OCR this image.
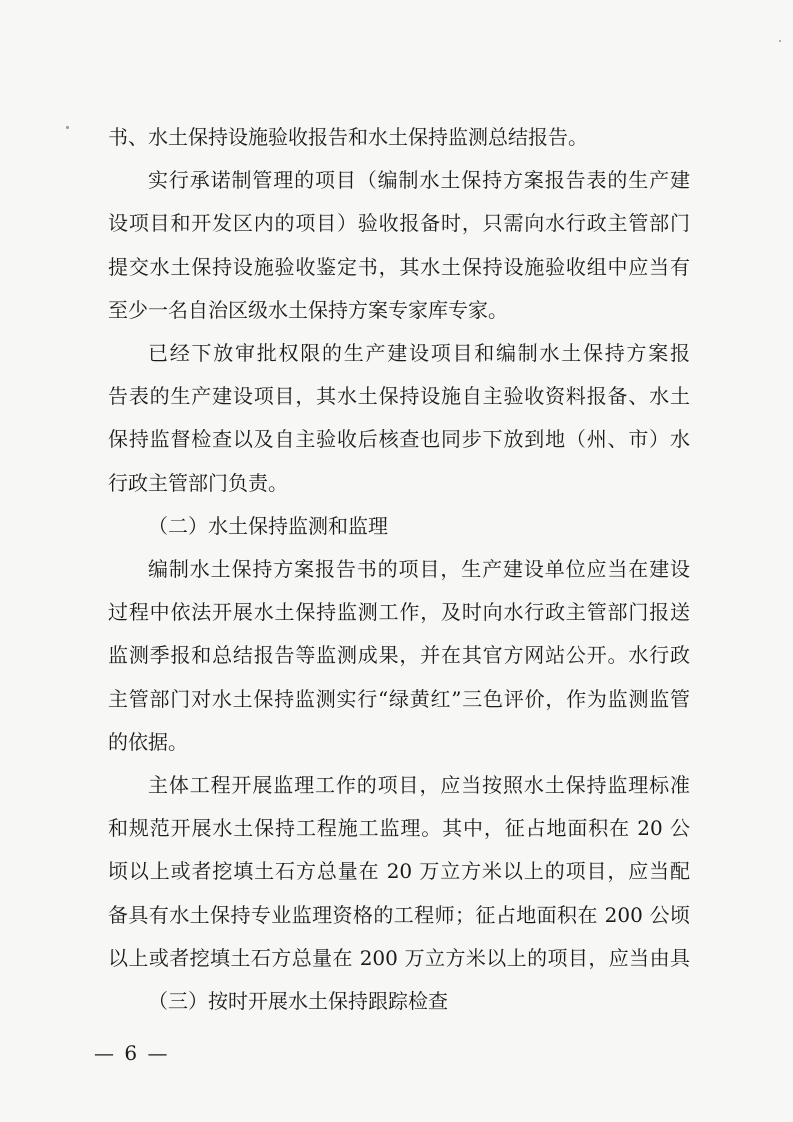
书、水土保持设施验收报告和水土保持监测总结报告。
实行承诺制管理的项目（编制水土保持方案报告表的生产建
设项目和开发区内的项目）验收报备时，只需向水行政主管部门
提交水土保持设施验收鉴定书，其水土保持设施验收组中应当有
至少一名自治区级水土保持方案专家库专家。
已经下放审批权限的生产建设项目和编制水土保持方案报
告表的生产建设项目，其水土保持设施自主验收资料报备、水土
保持监督检查以及自主验收后核查也同步下放到地（州、市）水
行政主管部门负责。
（二）水土保持监测和监理
编制水土保持方案报告书的项目，生产建设单位应当在建设
过程中依法开展水土保持监测工作，及时向水行政主管部门报送
监测季报和总结报告等监测成果，并在其官方网站公开。水行政
主管部门对水土保持监测实行“绿黄红”三色评价，作为监测监管
的依据。
主体工程开展监理工作的项目，应当按照水土保持监理标准
和规范开展水土保持工程施工监理。其中，征占地面积在 20 公
顷以上或者挖填土石方总量在 20 万立方米以上的项目，应当配
备具有水土保持专业监理资格的工程师；征占地面积在 200 公顷
以上或者挖填土石方总量在 200 万立方米以上的项目，应当由具
（三）按时开展水土保持跟踪检查
— 6 —
